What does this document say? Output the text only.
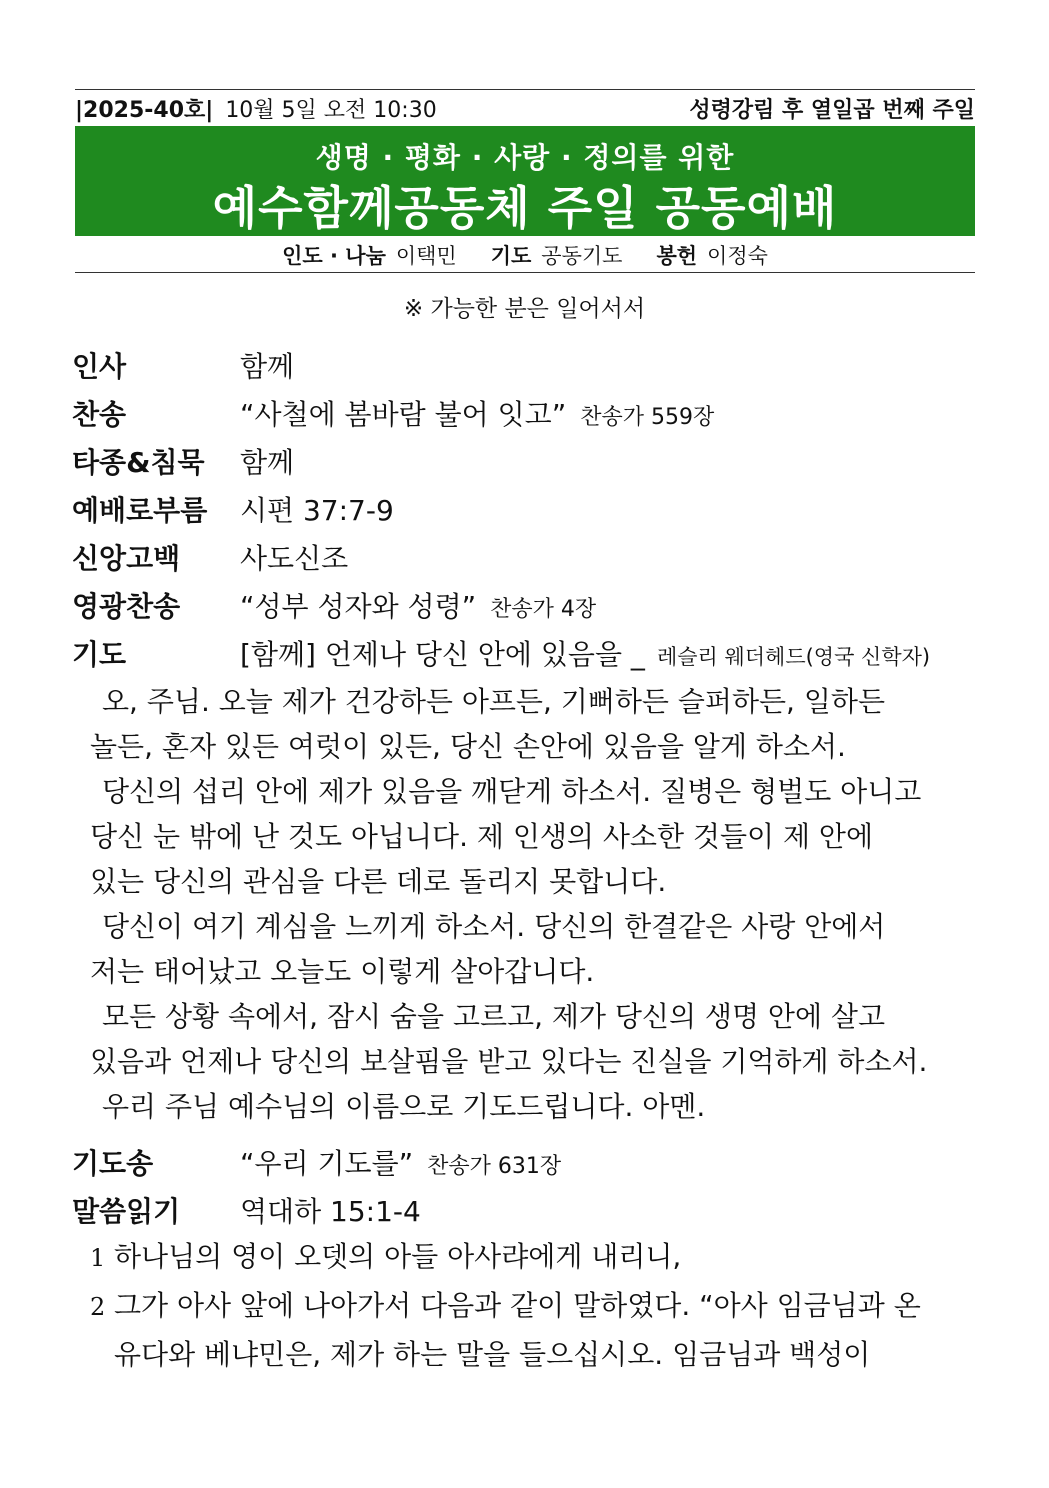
|2025-40호| 10월 5일 오전 10:30	성령강림 후 열일곱 번째 주일
생명 · 평화 · 사랑 · 정의를 위한
예수함께공동체 주일 공동예배
인도 · 나눔 이택민 기도 공동기도 봉헌 이정숙
※ 가능한 분은 일어서서
인사	함께
찬송	“사철에 봄바람 불어 잇고” 찬송가 559장
타종&침묵	함께
예배로부름	시편 37:7-9
신앙고백	사도신조
영광찬송	“성부 성자와 성령” 찬송가 4장
기도	[함께] 언제나 당신 안에 있음을 _ 레슬리 웨더헤드(영국 신학자)
오, 주님. 오늘 제가 건강하든 아프든, 기뻐하든 슬퍼하든, 일하든
놀든, 혼자 있든 여럿이 있든, 당신 손안에 있음을 알게 하소서.
당신의 섭리 안에 제가 있음을 깨닫게 하소서. 질병은 형벌도 아니고
당신 눈 밖에 난 것도 아닙니다. 제 인생의 사소한 것들이 제 안에
있는 당신의 관심을 다른 데로 돌리지 못합니다.
당신이 여기 계심을 느끼게 하소서. 당신의 한결같은 사랑 안에서
저는 태어났고 오늘도 이렇게 살아갑니다.
모든 상황 속에서, 잠시 숨을 고르고, 제가 당신의 생명 안에 살고
있음과 언제나 당신의 보살핌을 받고 있다는 진실을 기억하게 하소서.
우리 주님 예수님의 이름으로 기도드립니다. 아멘.
기도송	“우리 기도를” 찬송가 631장
말씀읽기	역대하 15:1-4
1 하나님의 영이 오뎃의 아들 아사랴에게 내리니,
2 그가 아사 앞에 나아가서 다음과 같이 말하였다. “아사 임금님과 온
유다와 베냐민은, 제가 하는 말을 들으십시오. 임금님과 백성이
